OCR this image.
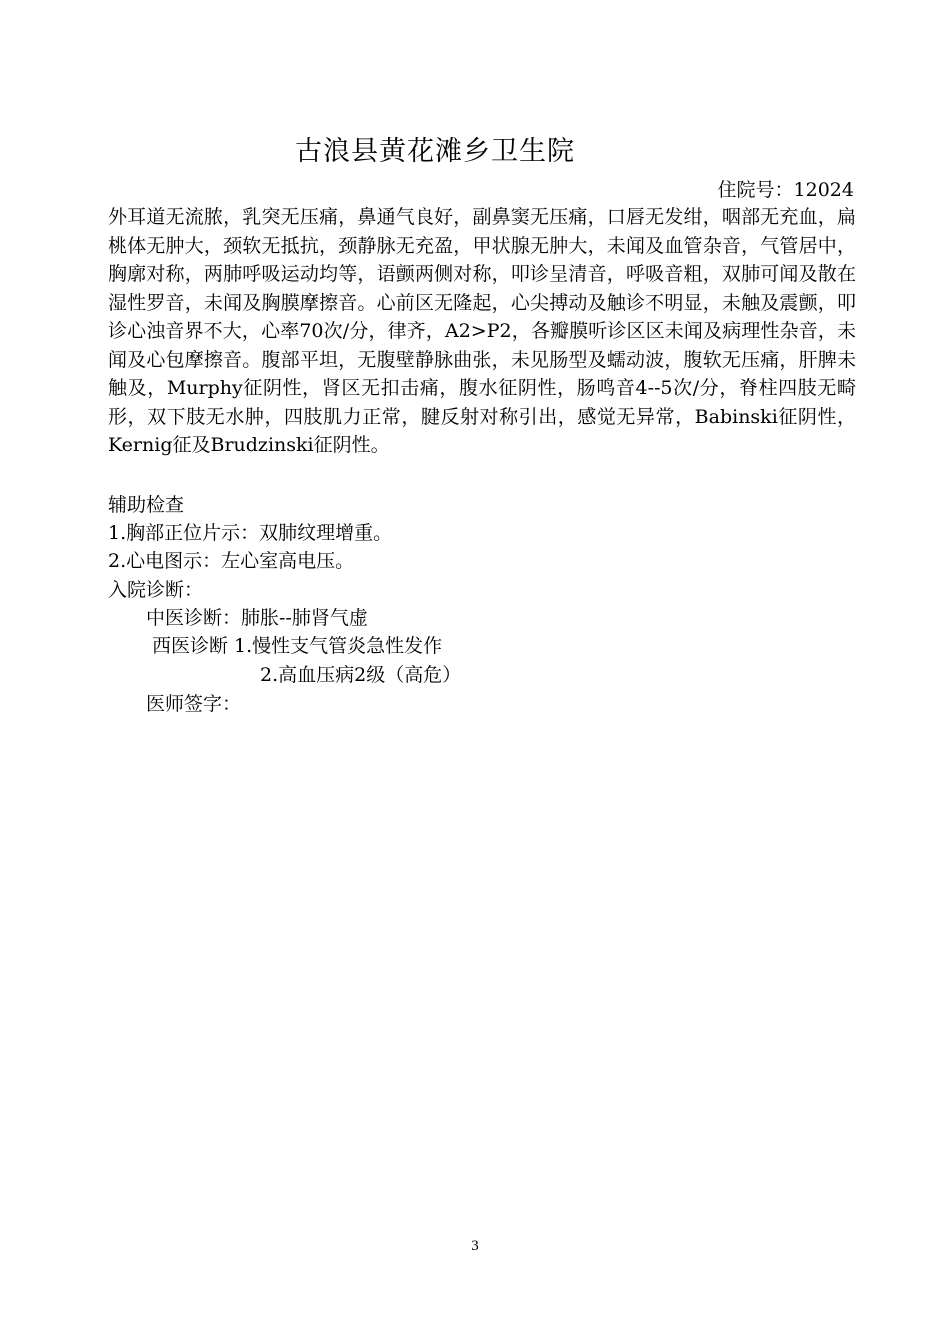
古浪县黄花滩乡卫生院
住院号：12024

外耳道无流脓，乳突无压痛，鼻通气良好，副鼻窦无压痛，口唇无发绀，咽部无充血，扁桃体无肿大，颈软无抵抗，颈静脉无充盈，甲状腺无肿大，未闻及血管杂音，气管居中，胸廓对称，两肺呼吸运动均等，语颤两侧对称，叩诊呈清音，呼吸音粗，双肺可闻及散在湿性罗音，未闻及胸膜摩擦音。心前区无隆起，心尖搏动及触诊不明显，未触及震颤，叩诊心浊音界不大，心率70次/分，律齐，A2>P2，各瓣膜听诊区区未闻及病理性杂音，未闻及心包摩擦音。腹部平坦，无腹壁静脉曲张，未见肠型及蠕动波，腹软无压痛，肝脾未触及，Murphy征阴性，肾区无扣击痛，腹水征阴性，肠鸣音4--5次/分，脊柱四肢无畸形，双下肢无水肿，四肢肌力正常，腱反射对称引出，感觉无异常，Babinski征阴性，Kernig征及Brudzinski征阴性。

辅助检查
1.胸部正位片示：双肺纹理增重。
2.心电图示：左心室高电压。
入院诊断：
中医诊断：肺胀--肺肾气虚
西医诊断 1.慢性支气管炎急性发作
2.高血压病2级（高危）
医师签字：
3
